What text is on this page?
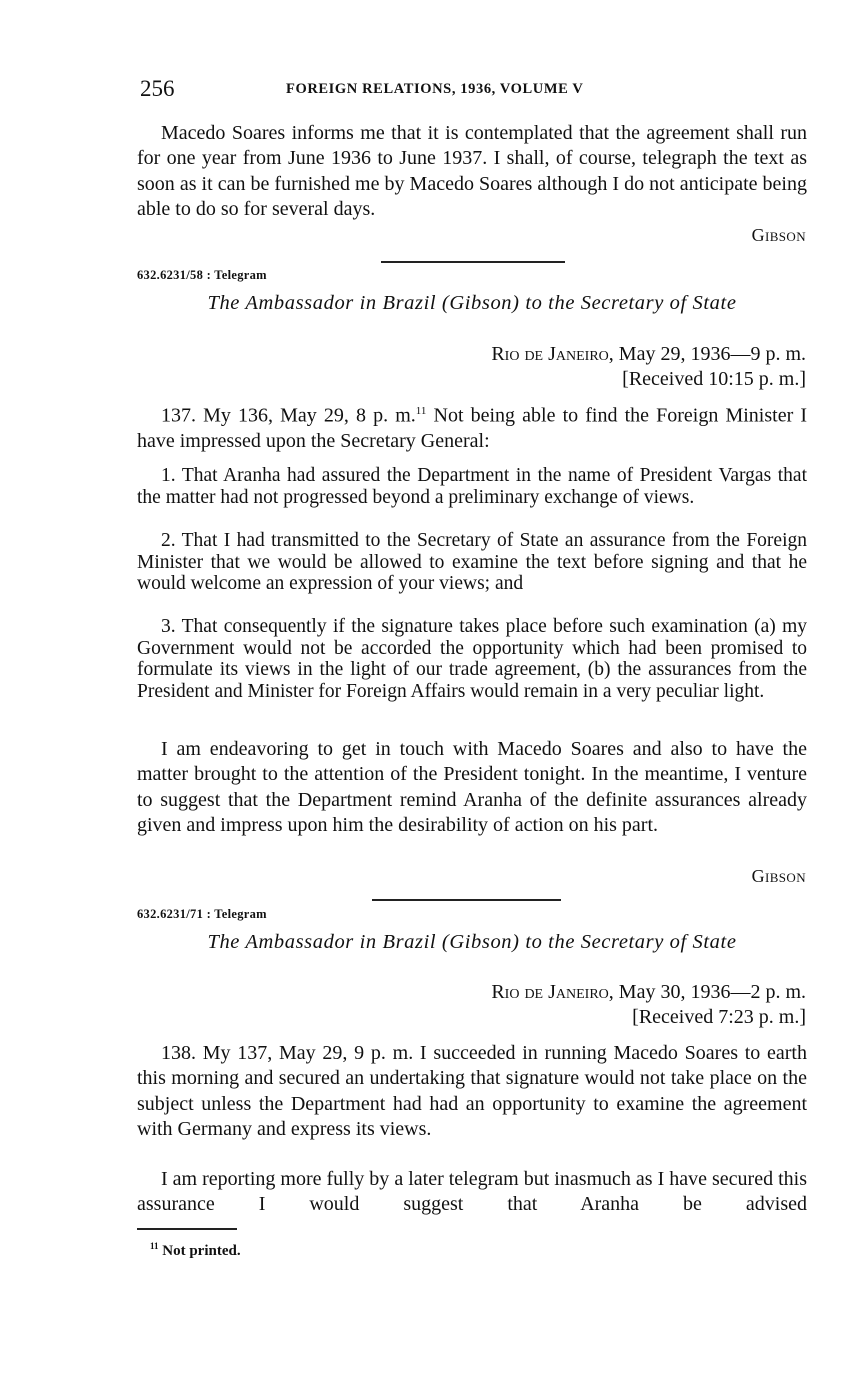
256	FOREIGN RELATIONS, 1936, VOLUME V

Macedo Soares informs me that it is contemplated that the agreement shall run for one year from June 1936 to June 1937. I shall, of course, telegraph the text as soon as it can be furnished me by Macedo Soares although I do not anticipate being able to do so for several days.

Gibson
632.6231/58 : Telegram
The Ambassador in Brazil (Gibson) to the Secretary of State
Rio de Janeiro, May 29, 1936—9 p. m.
[Received 10:15 p. m.]

137. My 136, May 29, 8 p. m.$^{11}$ Not being able to find the Foreign Minister I have impressed upon the Secretary General:

1. That Aranha had assured the Department in the name of President Vargas that the matter had not progressed beyond a preliminary exchange of views.

2. That I had transmitted to the Secretary of State an assurance from the Foreign Minister that we would be allowed to examine the text before signing and that he would welcome an expression of your views; and

3. That consequently if the signature takes place before such examination (a) my Government would not be accorded the opportunity which had been promised to formulate its views in the light of our trade agreement, (b) the assurances from the President and Minister for Foreign Affairs would remain in a very peculiar light.

I am endeavoring to get in touch with Macedo Soares and also to have the matter brought to the attention of the President tonight. In the meantime, I venture to suggest that the Department remind Aranha of the definite assurances already given and impress upon him the desirability of action on his part.

Gibson
632.6231/71 : Telegram
The Ambassador in Brazil (Gibson) to the Secretary of State
Rio de Janeiro, May 30, 1936—2 p. m.
[Received 7:23 p. m.]

138. My 137, May 29, 9 p. m. I succeeded in running Macedo Soares to earth this morning and secured an undertaking that signature would not take place on the subject unless the Department had had an opportunity to examine the agreement with Germany and express its views.

I am reporting more fully by a later telegram but inasmuch as I have secured this assurance I would suggest that Aranha be advised

$^{11}$ Not printed.
